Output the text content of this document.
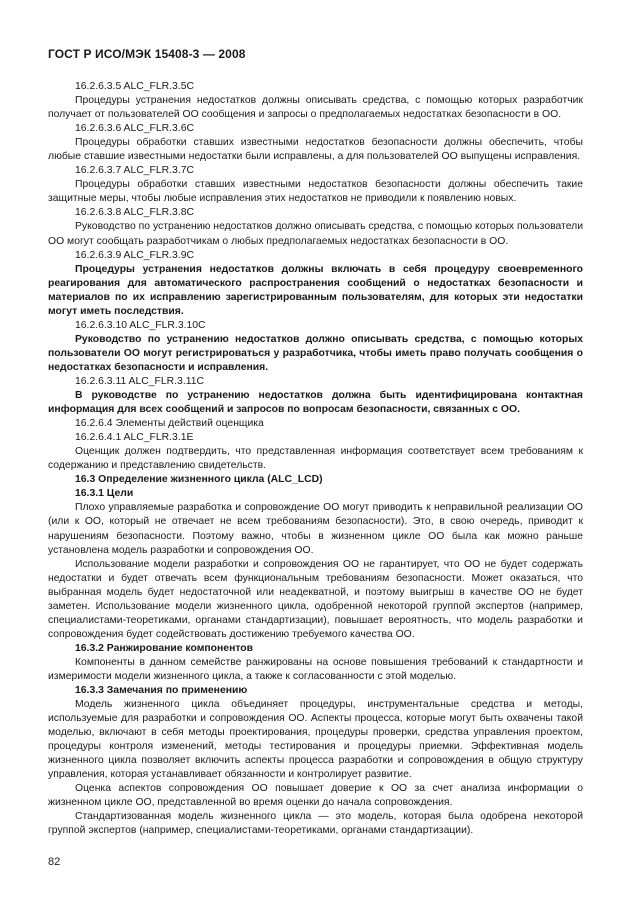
ГОСТ Р ИСО/МЭК 15408-3 — 2008

16.2.6.3.5 ALC_FLR.3.5C

Процедуры устранения недостатков должны описывать средства, с помощью которых разработчик получает от пользователей ОО сообщения и запросы о предполагаемых недостатках безопасности в ОО.

16.2.6.3.6 ALC_FLR.3.6C

Процедуры обработки ставших известными недостатков безопасности должны обеспечить, чтобы любые ставшие известными недостатки были исправлены, а для пользователей ОО выпущены исправления.

16.2.6.3.7 ALC_FLR.3.7C

Процедуры обработки ставших известными недостатков безопасности должны обеспечить такие защитные меры, чтобы любые исправления этих недостатков не приводили к появлению новых.

16.2.6.3.8 ALC_FLR.3.8C

Руководство по устранению недостатков должно описывать средства, с помощью которых пользователи ОО могут сообщать разработчикам о любых предполагаемых недостатках безопасности в ОО.

16.2.6.3.9 ALC_FLR.3.9C

Процедуры устранения недостатков должны включать в себя процедуру своевременного реагирования для автоматического распространения сообщений о недостатках безопасности и материалов по их исправлению зарегистрированным пользователям, для которых эти недостатки могут иметь последствия.

16.2.6.3.10 ALC_FLR.3.10C

Руководство по устранению недостатков должно описывать средства, с помощью которых пользователи ОО могут регистрироваться у разработчика, чтобы иметь право получать сообщения о недостатках безопасности и исправления.

16.2.6.3.11 ALC_FLR.3.11C

В руководстве по устранению недостатков должна быть идентифицирована контактная информация для всех сообщений и запросов по вопросам безопасности, связанных с ОО.

16.2.6.4 Элементы действий оценщика

16.2.6.4.1 ALC_FLR.3.1E

Оценщик должен подтвердить, что представленная информация соответствует всем требованиям к содержанию и представлению свидетельств.

16.3 Определение жизненного цикла (ALC_LCD)

16.3.1 Цели

Плохо управляемые разработка и сопровождение ОО могут приводить к неправильной реализации ОО (или к ОО, который не отвечает не всем требованиям безопасности). Это, в свою очередь, приводит к нарушениям безопасности. Поэтому важно, чтобы в жизненном цикле ОО была как можно раньше установлена модель разработки и сопровождения ОО.

Использование модели разработки и сопровождения ОО не гарантирует, что ОО не будет содержать недостатки и будет отвечать всем функциональным требованиям безопасности. Может оказаться, что выбранная модель будет недостаточной или неадекватной, и поэтому выигрыш в качестве ОО не будет заметен. Использование модели жизненного цикла, одобренной некоторой группой экспертов (например, специалистами-теоретиками, органами стандартизации), повышает вероятность, что модель разработки и сопровождения будет содействовать достижению требуемого качества ОО.

16.3.2 Ранжирование компонентов

Компоненты в данном семействе ранжированы на основе повышения требований к стандартности и измеримости модели жизненного цикла, а также к согласованности с этой моделью.

16.3.3 Замечания по применению

Модель жизненного цикла объединяет процедуры, инструментальные средства и методы, используемые для разработки и сопровождения ОО. Аспекты процесса, которые могут быть охвачены такой моделью, включают в себя методы проектирования, процедуры проверки, средства управления проектом, процедуры контроля изменений, методы тестирования и процедуры приемки. Эффективная модель жизненного цикла позволяет включить аспекты процесса разработки и сопровождения в общую структуру управления, которая устанавливает обязанности и контролирует развитие.

Оценка аспектов сопровождения ОО повышает доверие к ОО за счет анализа информации о жизненном цикле ОО, представленной во время оценки до начала сопровождения.

Стандартизованная модель жизненного цикла — это модель, которая была одобрена некоторой группой экспертов (например, специалистами-теоретиками, органами стандартизации).

82
